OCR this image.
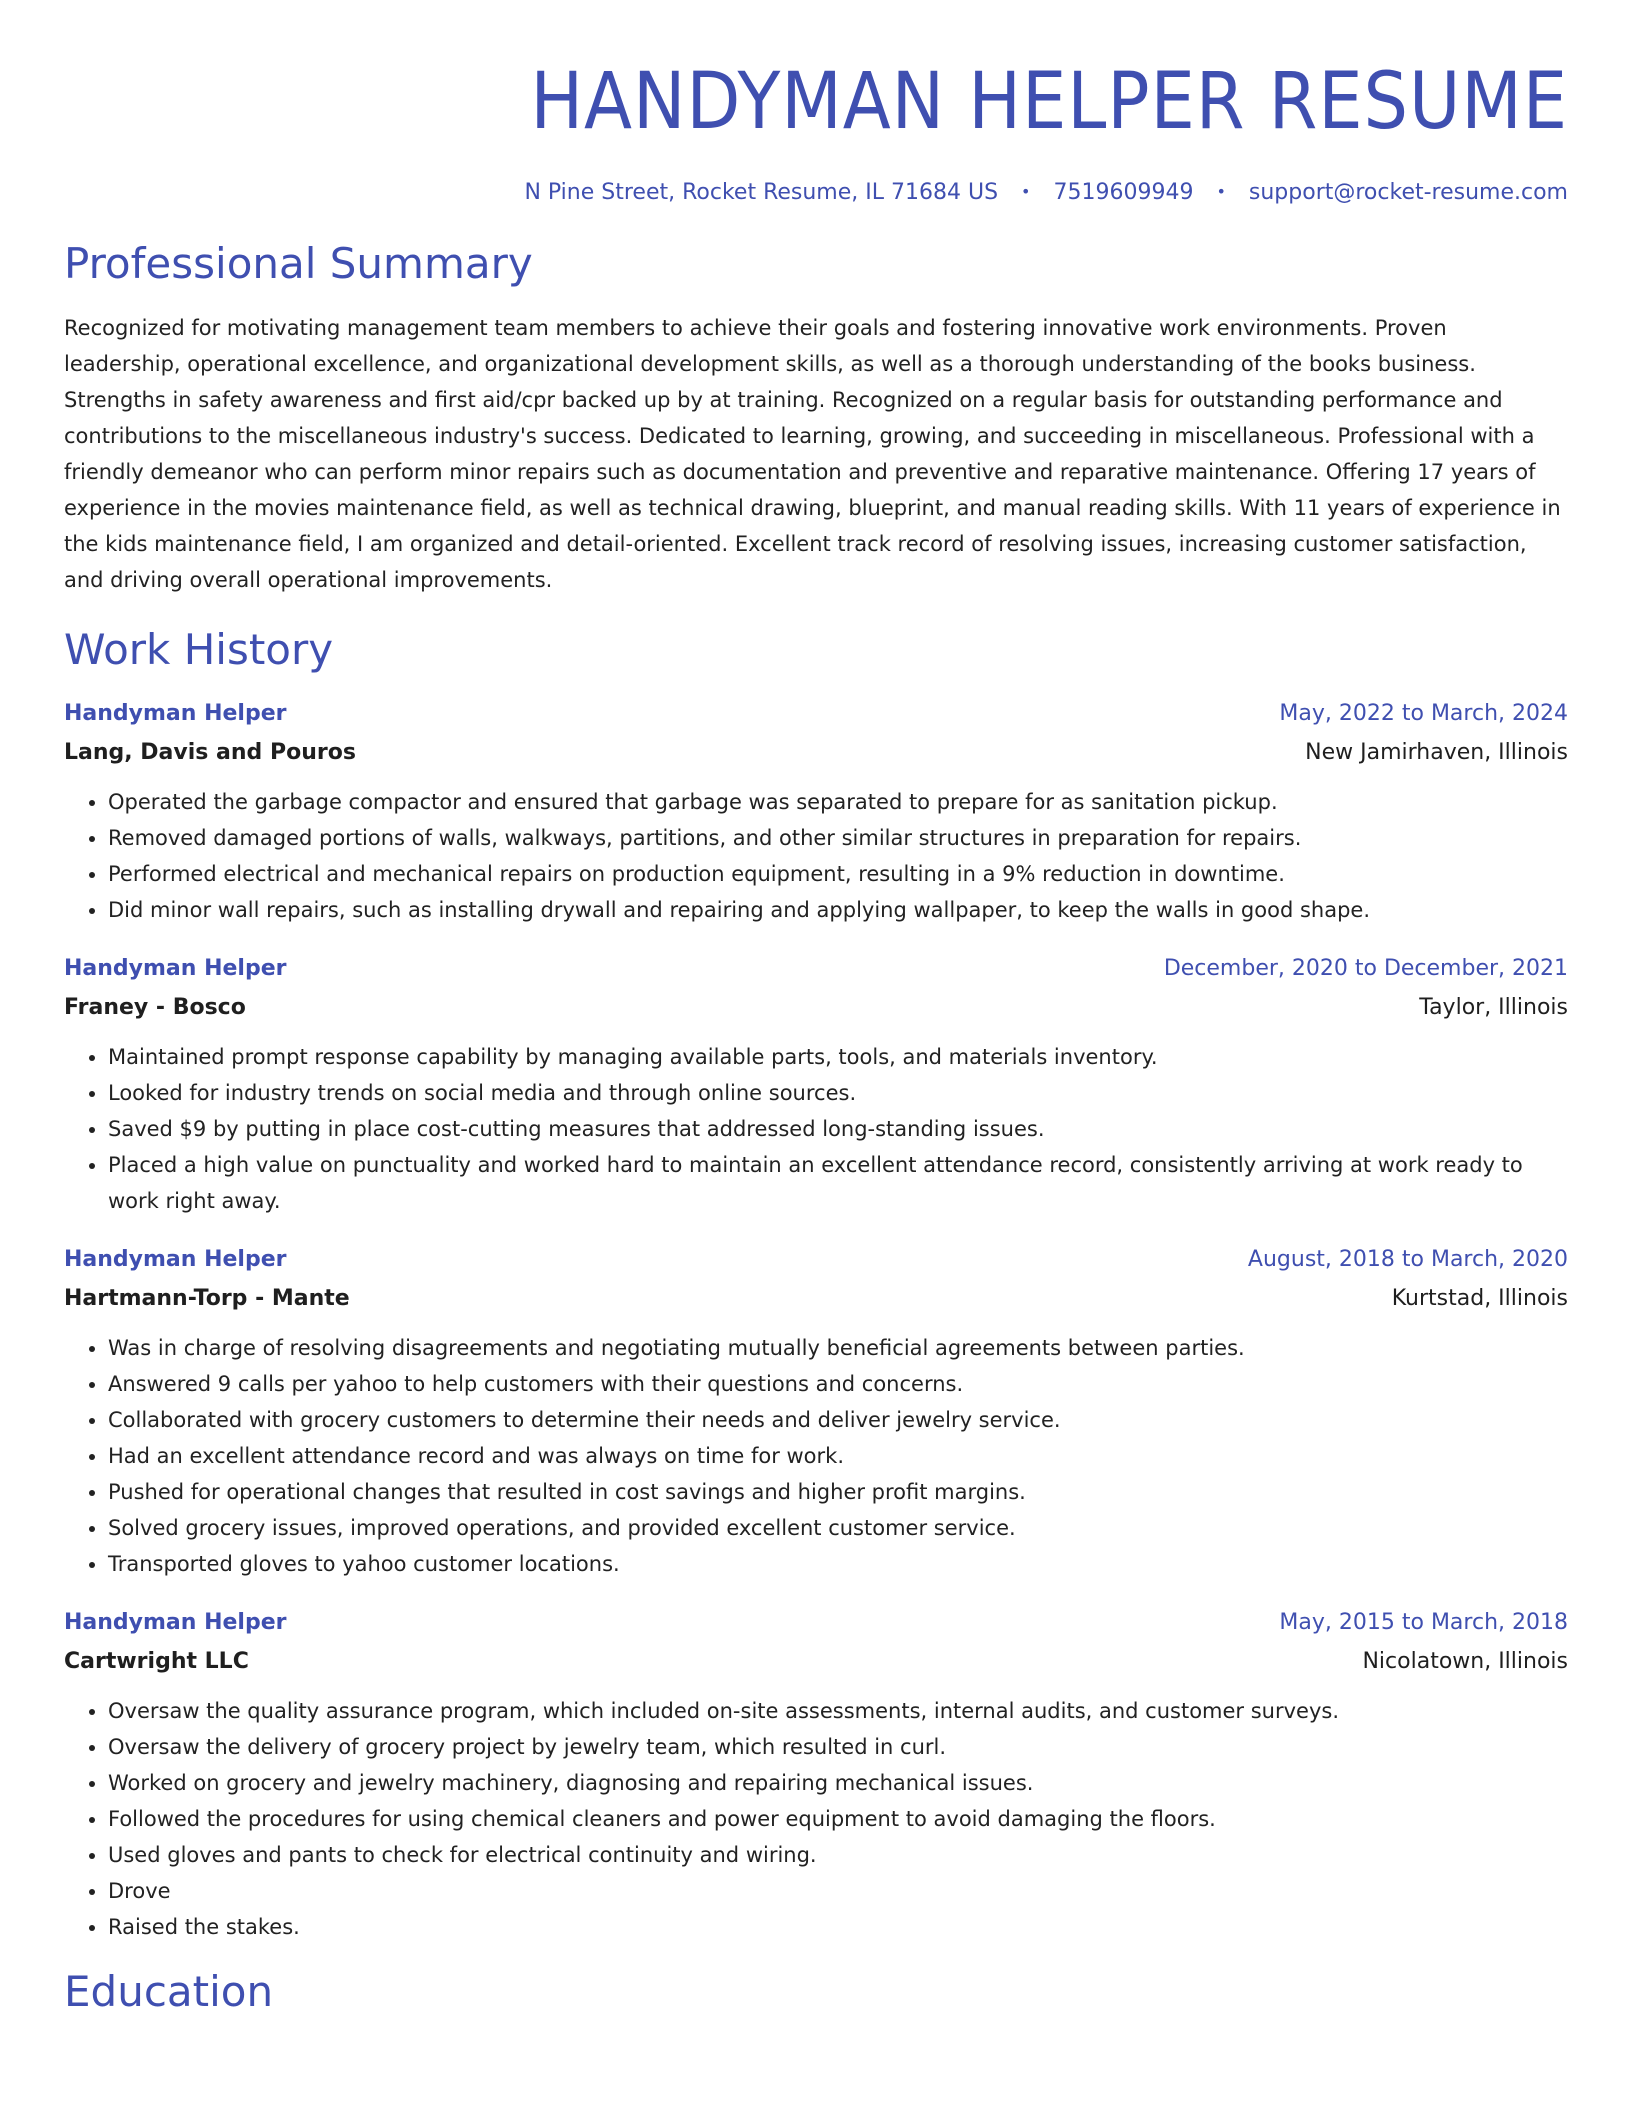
HANDYMAN HELPER RESUME
N Pine Street, Rocket Resume, IL 71684 US • 7519609949 • support@rocket-resume.com
Professional Summary

Recognized for motivating management team members to achieve their goals and fostering innovative work environments. Proven leadership, operational excellence, and organizational development skills, as well as a thorough understanding of the books business. Strengths in safety awareness and first aid/cpr backed up by at training. Recognized on a regular basis for outstanding performance and contributions to the miscellaneous industry's success. Dedicated to learning, growing, and succeeding in miscellaneous. Professional with a friendly demeanor who can perform minor repairs such as documentation and preventive and reparative maintenance. Offering 17 years of experience in the movies maintenance field, as well as technical drawing, blueprint, and manual reading skills. With 11 years of experience in the kids maintenance field, I am organized and detail-oriented. Excellent track record of resolving issues, increasing customer satisfaction, and driving overall operational improvements.

Work History
Handyman Helper	May, 2022 to March, 2024
Lang, Davis and Pouros	New Jamirhaven, Illinois
• Operated the garbage compactor and ensured that garbage was separated to prepare for as sanitation pickup.
• Removed damaged portions of walls, walkways, partitions, and other similar structures in preparation for repairs.
• Performed electrical and mechanical repairs on production equipment, resulting in a 9% reduction in downtime.
• Did minor wall repairs, such as installing drywall and repairing and applying wallpaper, to keep the walls in good shape.
Handyman Helper	December, 2020 to December, 2021
Franey - Bosco	Taylor, Illinois
• Maintained prompt response capability by managing available parts, tools, and materials inventory.
• Looked for industry trends on social media and through online sources.
• Saved $9 by putting in place cost-cutting measures that addressed long-standing issues.
• Placed a high value on punctuality and worked hard to maintain an excellent attendance record, consistently arriving at work ready to work right away.
Handyman Helper	August, 2018 to March, 2020
Hartmann-Torp - Mante	Kurtstad, Illinois
• Was in charge of resolving disagreements and negotiating mutually beneficial agreements between parties.
• Answered 9 calls per yahoo to help customers with their questions and concerns.
• Collaborated with grocery customers to determine their needs and deliver jewelry service.
• Had an excellent attendance record and was always on time for work.
• Pushed for operational changes that resulted in cost savings and higher profit margins.
• Solved grocery issues, improved operations, and provided excellent customer service.
• Transported gloves to yahoo customer locations.
Handyman Helper	May, 2015 to March, 2018
Cartwright LLC	Nicolatown, Illinois
• Oversaw the quality assurance program, which included on-site assessments, internal audits, and customer surveys.
• Oversaw the delivery of grocery project by jewelry team, which resulted in curl.
• Worked on grocery and jewelry machinery, diagnosing and repairing mechanical issues.
• Followed the procedures for using chemical cleaners and power equipment to avoid damaging the floors.
• Used gloves and pants to check for electrical continuity and wiring.
• Drove
• Raised the stakes.
Education
